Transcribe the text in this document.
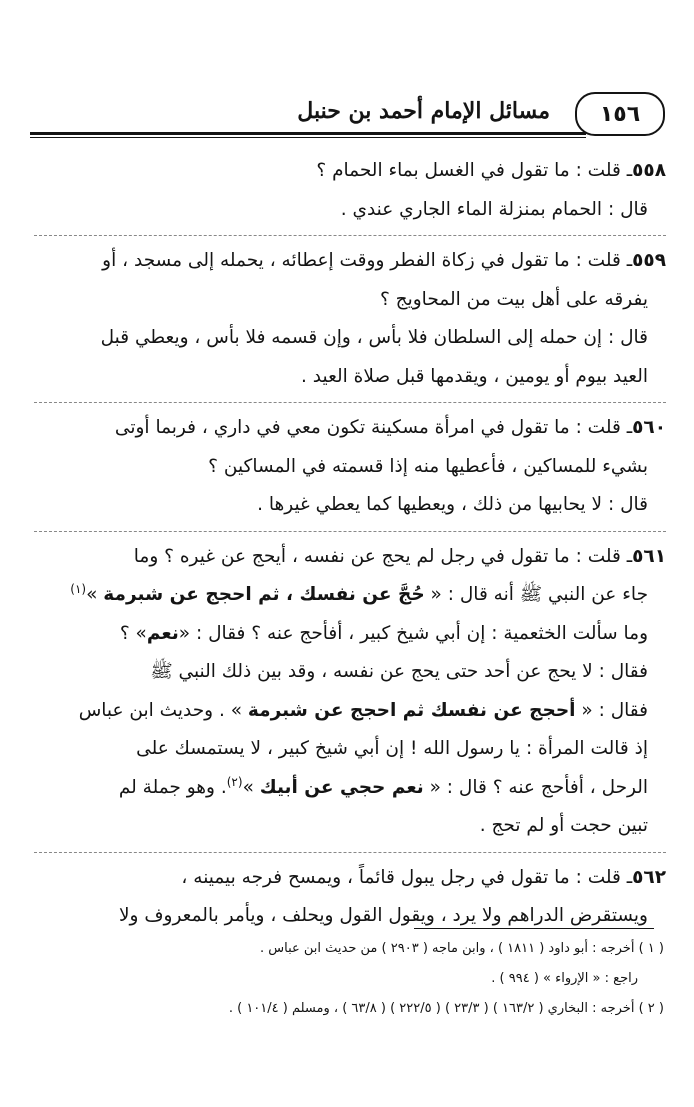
١٥٦
مسائل الإمام أحمد بن حنبل

٥٥٨ـ قلت : ما تقول في الغسل بماء الحمام ؟

قال : الحمام بمنزلة الماء الجاري عندي .

٥٥٩ـ قلت : ما تقول في زكاة الفطر ووقت إعطائه ، يحمله إلى مسجد ، أو

يفرقه على أهل بيت من المحاويج ؟

قال : إن حمله إلى السلطان فلا بأس ، وإن قسمه فلا بأس ، ويعطي قبل

العيد بيوم أو يومين ، ويقدمها قبل صلاة العيد .

٥٦٠ـ قلت : ما تقول في امرأة مسكينة تكون معي في داري ، فربما أوتى

بشيء للمساكين ، فأعطيها منه إذا قسمته في المساكين ؟

قال : لا يحابيها من ذلك ، ويعطيها كما يعطي غيرها .

٥٦١ـ قلت : ما تقول في رجل لم يحج عن نفسه ، أيحج عن غيره ؟ وما

جاء عن النبي ﷺ أنه قال : « حُجَّ عن نفسك ، ثم احجج عن شبرمة »$^{(١)}$

وما سألت الخثعمية : إن أبي شيخ كبير ، أفأحج عنه ؟ فقال : «نعم» ؟

فقال : لا يحج عن أحد حتى يحج عن نفسه ، وقد بين ذلك النبي ﷺ

فقال : « أحجج عن نفسك ثم احجج عن شبرمة » . وحديث ابن عباس

إذ قالت المرأة : يا رسول الله ! إن أبي شيخ كبير ، لا يستمسك على

الرحل ، أفأحج عنه ؟ قال : « نعم حجي عن أبيك »$^{(٢)}$. وهو جملة لم

تبين حجت أو لم تحج .

٥٦٢ـ قلت : ما تقول في رجل يبول قائماً ، ويمسح فرجه بيمينه ،

ويستقرض الدراهم ولا يرد ، ويقول القول ويحلف ، ويأمر بالمعروف ولا

( ١ ) أخرجه : أبو داود ( ١٨١١ ) ، وابن ماجه ( ٢٩٠٣ ) من حديث ابن عباس .

راجع : « الإرواء » ( ٩٩٤ ) .

( ٢ ) أخرجه : البخاري ( ١٦٣/٢ ) ( ٢٣/٣ ) ( ٢٢٢/٥ ) ( ٦٣/٨ ) ، ومسلم ( ١٠١/٤ ) .
